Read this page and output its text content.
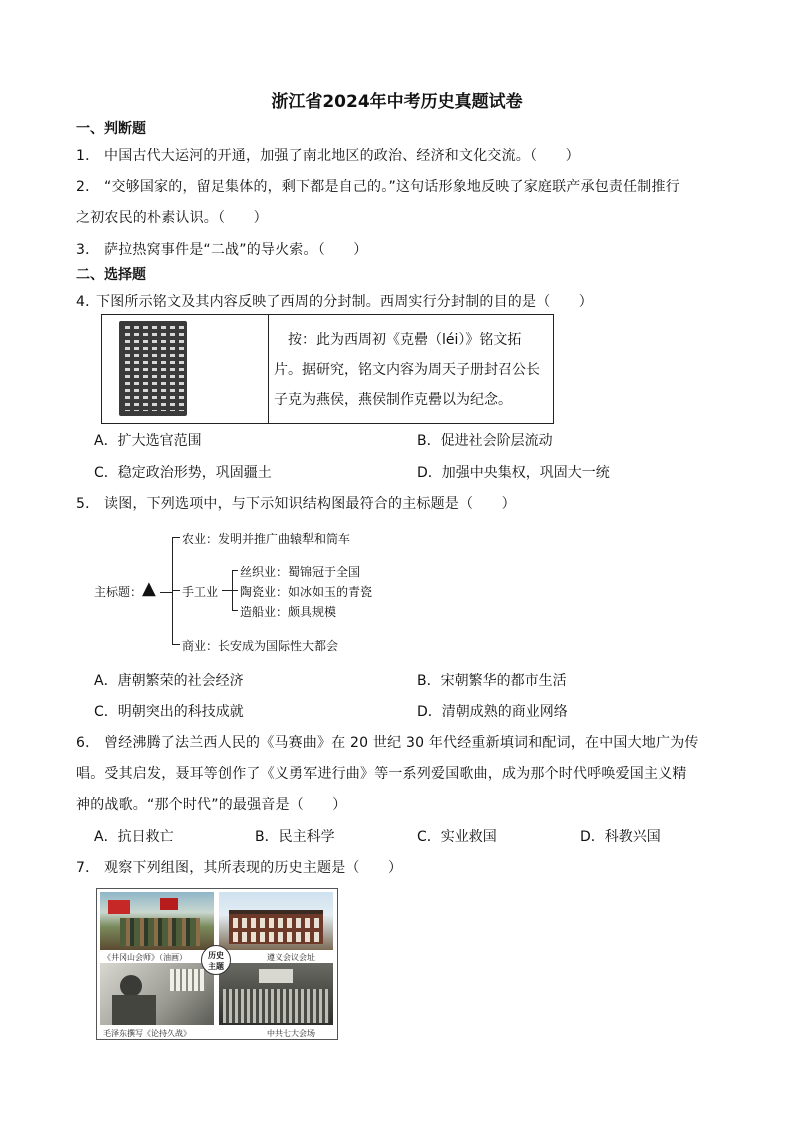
浙江省2024年中考历史真题试卷
一、判断题
1． 中国古代大运河的开通，加强了南北地区的政治、经济和文化交流。（　　）
2． “交够国家的，留足集体的，剩下都是自己的。”这句话形象地反映了家庭联产承包责任制推行
之初农民的朴素认识。（　　）
3． 萨拉热窝事件是“二战”的导火索。（　　）
二、选择题
4．
下图所示铭文及其内容反映了西周的分封制。西周实行分封制的目的是（　　）
　按：此为西周初《克罍（léi）》铭文拓
片。据研究，铭文内容为周天子册封召公长
子克为燕侯，燕侯制作克罍以为纪念。
A．扩大选官范围	B．促进社会阶层流动
C．稳定政治形势，巩固疆土	D．加强中央集权，巩固大一统
5． 读图，下列选项中，与下示知识结构图最符合的主标题是（　　）
主标题： ▲
农业：发明并推广曲辕犁和筒车
手工业
丝织业：蜀锦冠于全国
陶瓷业：如冰如玉的青瓷
造船业：颇具规模
商业：长安成为国际性大都会
A．唐朝繁荣的社会经济	B．宋朝繁华的都市生活
C．明朝突出的科技成就	D．清朝成熟的商业网络
6． 曾经沸腾了法兰西人民的《马赛曲》在 20 世纪 30 年代经重新填词和配词，在中国大地广为传
唱。受其启发，聂耳等创作了《义勇军进行曲》等一系列爱国歌曲，成为那个时代呼唤爱国主义精
神的战歌。“那个时代”的最强音是（　　）
A．抗日救亡	B．民主科学	C．实业救国	D．科教兴国
7． 观察下列组图，其所表现的历史主题是（　　）
《井冈山会师》（油画）	遵义会议会址
毛泽东撰写《论持久战》	中共七大会场
历史
主题
